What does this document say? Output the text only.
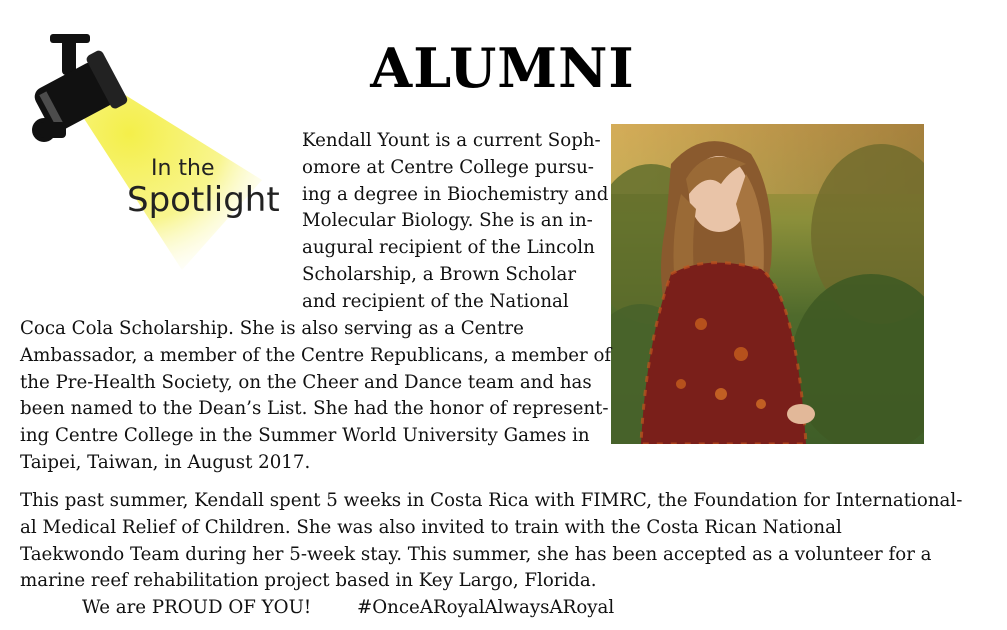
ALUMNI
In the
Spotlight
Kendall Yount is a current Soph-
omore at Centre College pursu-
ing a degree in Biochemistry and
Molecular Biology. She is an in-
augural recipient of the Lincoln
Scholarship, a Brown Scholar
and recipient of the National
Coca Cola Scholarship. She is also serving as a Centre
Ambassador, a member of the Centre Republicans, a member of
the Pre-Health Society, on the Cheer and Dance team and has
been named to the Dean’s List. She had the honor of represent-
ing Centre College in the Summer World University Games in
Taipei, Taiwan, in August 2017.
This past summer, Kendall spent 5 weeks in Costa Rica with FIMRC, the Foundation for International-
al Medical Relief of Children. She was also invited to train with the Costa Rican National
Taekwondo Team during her 5-week stay. This summer, she has been accepted as a volunteer for a
marine reef rehabilitation project based in Key Largo, Florida.
We are PROUD OF YOU!	#OnceARoyalAlwaysARoyal
